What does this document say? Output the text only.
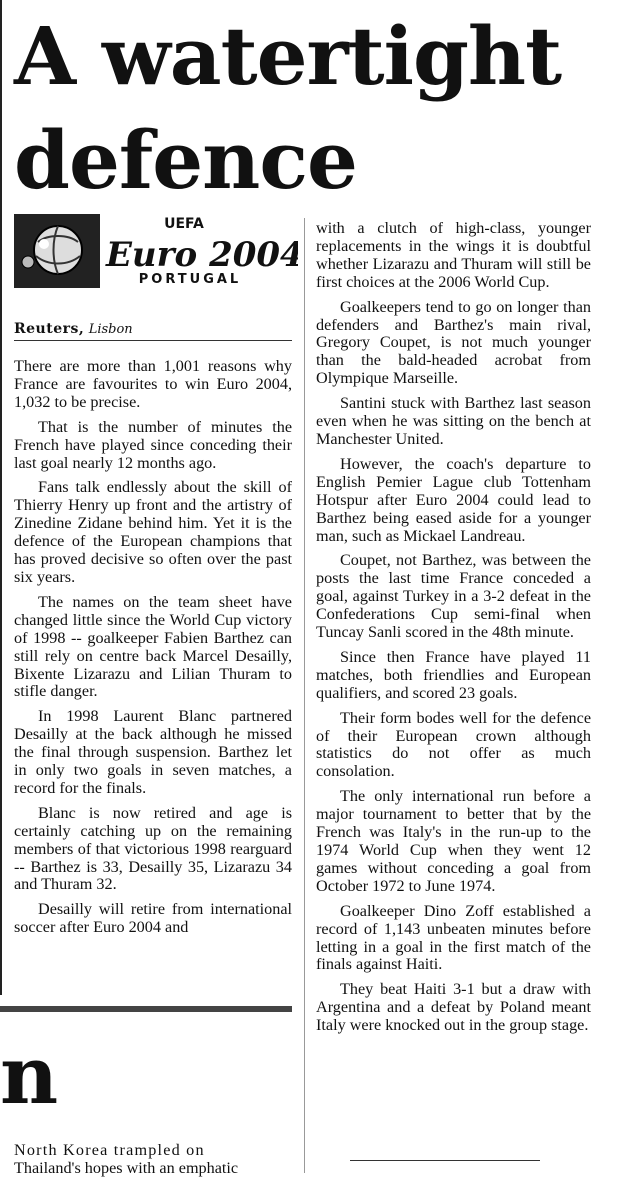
A watertight defence
UEFA
Euro 2004
PORTUGAL
Reuters, Lisbon

There are more than 1,001 reasons why France are favourites to win Euro 2004, 1,032 to be precise.

That is the number of minutes the French have played since conceding their last goal nearly 12 months ago.

Fans talk endlessly about the skill of Thierry Henry up front and the artistry of Zinedine Zidane behind him. Yet it is the defence of the European champions that has proved decisive so often over the past six years.

The names on the team sheet have changed little since the World Cup victory of 1998 -- goalkeeper Fabien Barthez can still rely on centre back Marcel Desailly, Bixente Lizarazu and Lilian Thuram to stifle danger.

In 1998 Laurent Blanc partnered Desailly at the back although he missed the final through suspension. Barthez let in only two goals in seven matches, a record for the finals.

Blanc is now retired and age is certainly catching up on the remaining members of that victorious 1998 rearguard -- Barthez is 33, Desailly 35, Lizarazu 34 and Thuram 32.

Desailly will retire from international soccer after Euro 2004 and

with a clutch of high-class, younger replacements in the wings it is doubtful whether Lizarazu and Thuram will still be first choices at the 2006 World Cup.

Goalkeepers tend to go on longer than defenders and Barthez's main rival, Gregory Coupet, is not much younger than the bald-headed acrobat from Olympique Marseille.

Santini stuck with Barthez last season even when he was sitting on the bench at Manchester United.

However, the coach's departure to English Pemier Lague club Tottenham Hotspur after Euro 2004 could lead to Barthez being eased aside for a younger man, such as Mickael Landreau.

Coupet, not Barthez, was between the posts the last time France conceded a goal, against Turkey in a 3-2 defeat in the Confederations Cup semi-final when Tuncay Sanli scored in the 48th minute.

Since then France have played 11 matches, both friendlies and European qualifiers, and scored 23 goals.

Their form bodes well for the defence of their European crown although statistics do not offer as much consolation.

The only international run before a major tournament to better that by the French was Italy's in the run-up to the 1974 World Cup when they went 12 games without conceding a goal from October 1972 to June 1974.

Goalkeeper Dino Zoff established a record of 1,143 unbeaten minutes before letting in a goal in the first match of the finals against Haiti.

They beat Haiti 3-1 but a draw with Argentina and a defeat by Poland meant Italy were knocked out in the group stage.

n

North Korea trampled on

Thailand's hopes with an emphatic
